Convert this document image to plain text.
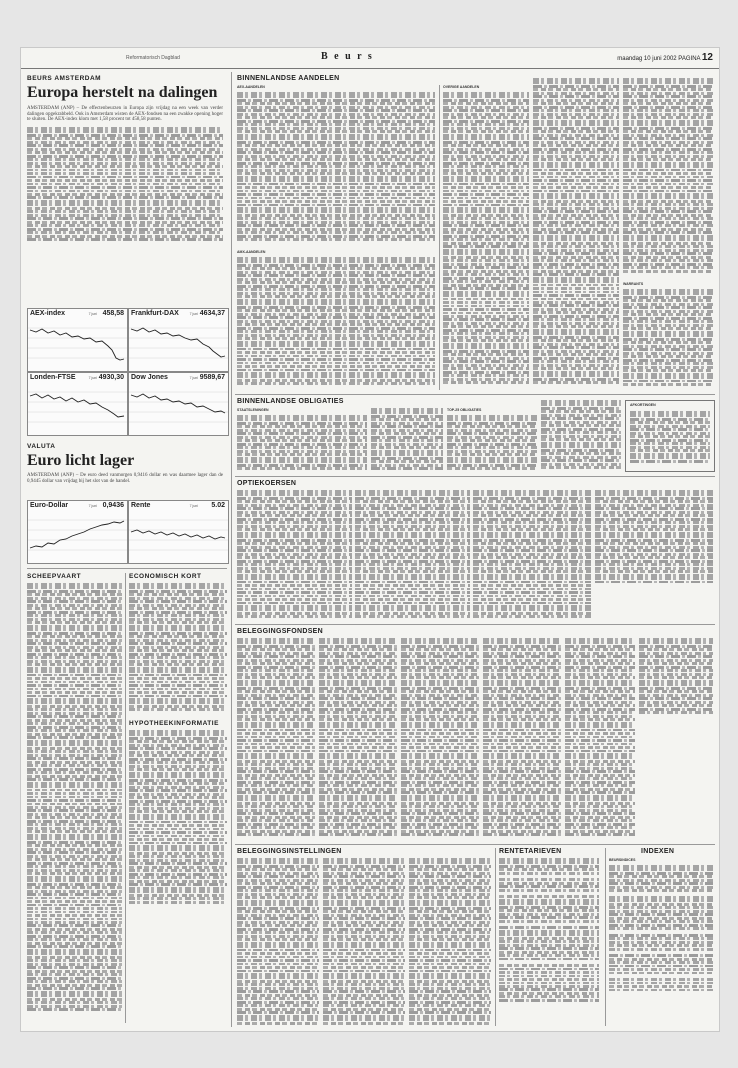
Reformatorisch Dagblad	B e u r s	maandag 10 juni 2002 PAGINA 12
BEURS AMSTERDAM
Europa herstelt na dalingen
AMSTERDAM (ANP) – De effectenbeurzen in Europa zijn vrijdag na een week van verder dalingen opgekrabbeld. Ook in Amsterdam wisten de AEX-fondsen na een zwakke opening hoger te sluiten. De AEX-index klom met 1,58 procent tot 458,58 punten.
AEX-index	7 juni 458,58 Frankfurt-DAX	7 juni 4634,37
Londen-FTSE	7 juni 4930,30 Dow Jones	7 juni 9589,67
VALUTA
Euro licht lager
AMSTERDAM (ANP) – De euro deed vanmorgen 0,9416 dollar en was daarmee lager dan de 0,9445 dollar van vrijdag bij het slot van de handel.
Euro-Dollar	7 juni 0,9436 Rente	7 juni 5.02
SCHEEPVAART	ECONOMISCH KORT
HYPOTHEEKINFORMATIE
BINNENLANDSE AANDELEN
AEX-AANDELEN
AMX-AANDELEN
OVERIGE AANDELEN
WARRANTS
BINNENLANDSE OBLIGATIES
STAATSLENINGEN	TOP-25 OBLIGATIES
AFKORTINGEN
OPTIEKOERSEN
BELEGGINGSFONDSEN
BELEGGINGSINSTELLINGEN	RENTETARIEVEN	INDEXEN
BEURSINDICES
